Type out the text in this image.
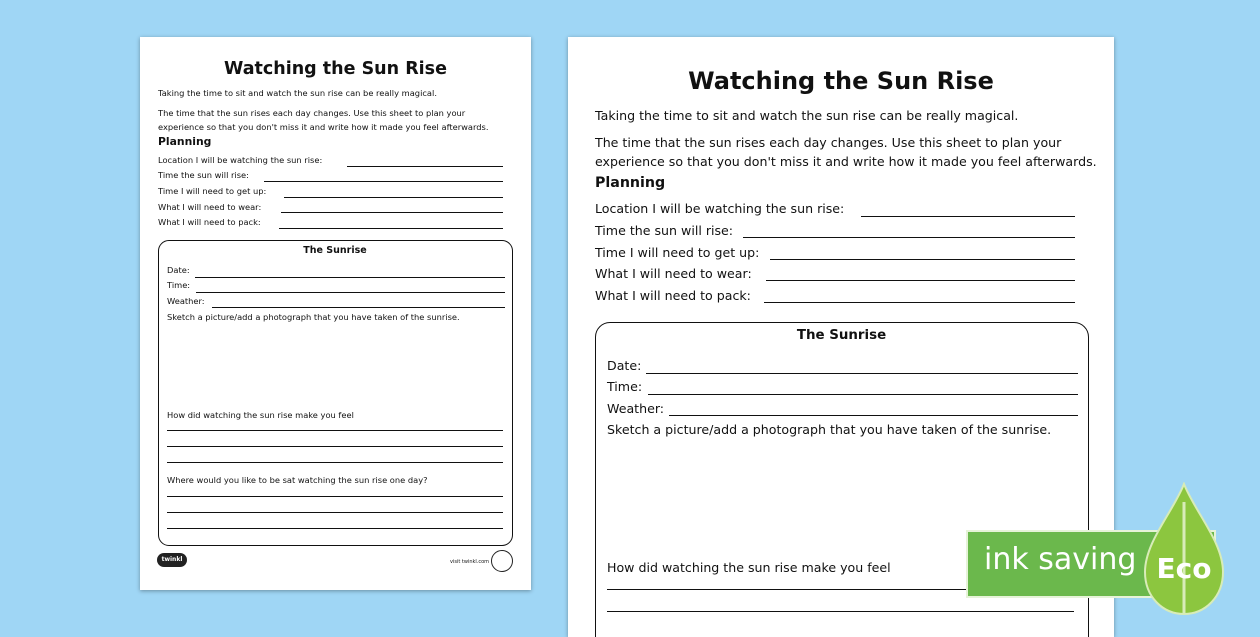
Watching the Sun Rise
Taking the time to sit and watch the sun rise can be really magical.
The time that the sun rises each day changes. Use this sheet to plan your
experience so that you don't miss it and write how it made you feel afterwards.
Planning
Location I will be watching the sun rise:
Time the sun will rise:
Time I will need to get up:
What I will need to wear:
What I will need to pack:
The Sunrise
Date:
Time:
Weather:
Sketch a picture/add a photograph that you have taken of the sunrise.
How did watching the sun rise make you feel
Where would you like to be sat watching the sun rise one day?
twinkl	visit twinkl.com
Watching the Sun Rise
Taking the time to sit and watch the sun rise can be really magical.
The time that the sun rises each day changes. Use this sheet to plan your
experience so that you don't miss it and write how it made you feel afterwards.
Planning
Location I will be watching the sun rise:
Time the sun will rise:
Time I will need to get up:
What I will need to wear:
What I will need to pack:
The Sunrise
Date:
Time:
Weather:
Sketch a picture/add a photograph that you have taken of the sunrise.
How did watching the sun rise make you feel	ink saving Eco
